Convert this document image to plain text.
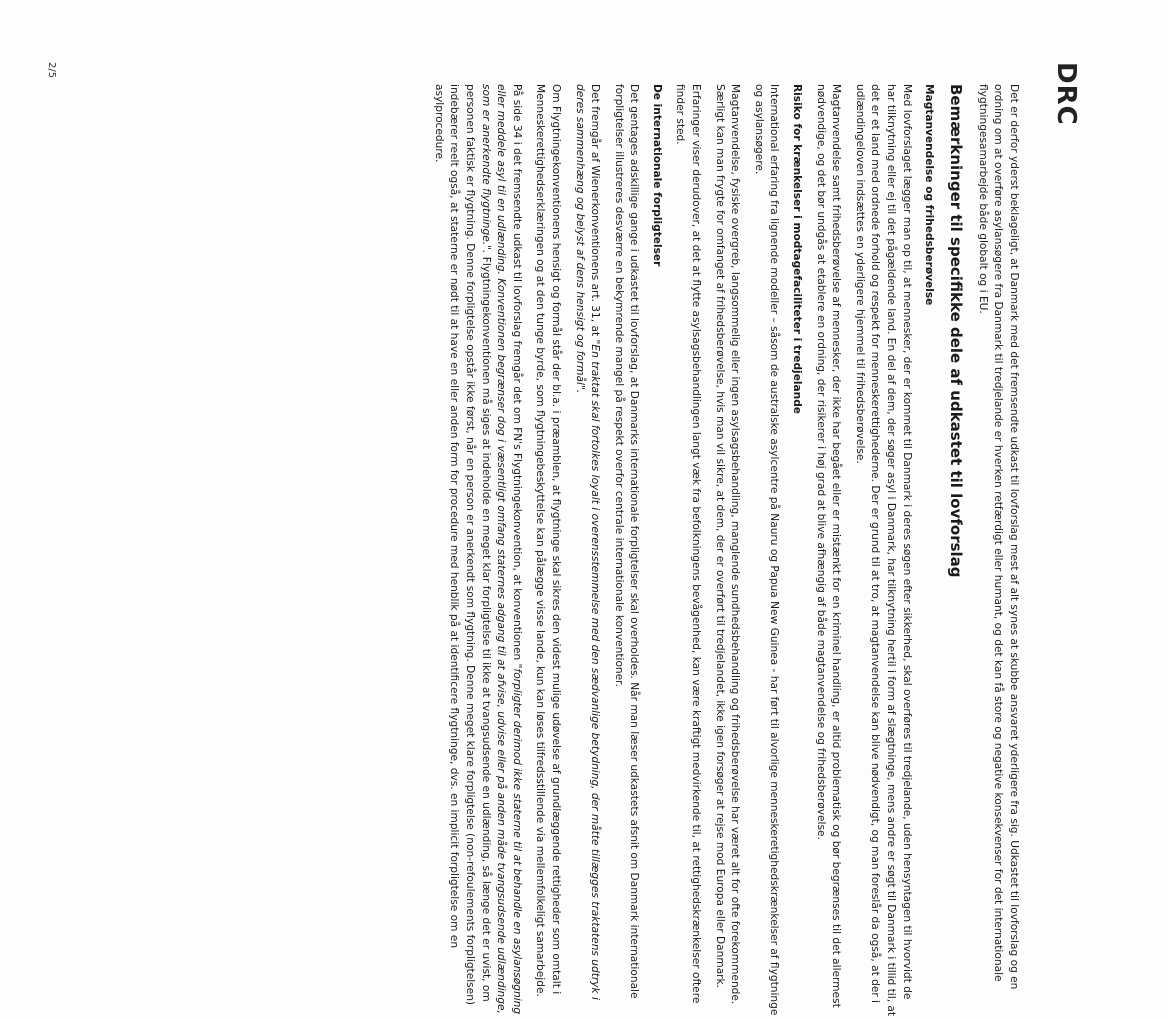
DRC

Det er derfor yderst beklageligt, at Danmark med det fremsendte udkast til lovforslag mest af alt synes at skubbe ansvaret yderligere fra sig. Udkastet til lovforslag og en ordning om at overføre asylansøgere fra Danmark til tredjelande er hverken retfærdigt eller humant, og det kan få store og negative konsekvenser for det internationale flygtningesamarbejde både globalt og i EU.

Bemærkninger til specifikke dele af udkastet til lovforslag
Magtanvendelse og frihedsberøvelse

Med lovforslaget lægger man op til, at mennesker, der er kommet til Danmark i deres søgen efter sikkerhed, skal overføres til tredjelande, uden hensyntagen til hvorvidt de har tilknytning eller ej til det pågældende land. En del af dem, der søger asyl i Danmark, har tilknytning hertil i form af slægtninge, mens andre er søgt til Danmark i tillid til, at det er et land med ordnede forhold og respekt for menneskerettighederne. Der er grund til at tro, at magtanvendelse kan blive nødvendigt, og man foreslår da også, at der i udlændingeloven indsættes en yderligere hjemmel til frihedsberøvelse.

Magtanvendelse samt frihedsberøvelse af mennesker, der ikke har begået eller er mistænkt for en kriminel handling, er altid problematisk og bør begrænses til det allermest nødvendige, og det bør undgås at etablere en ordning, der risikerer i høj grad at blive afhængig af både magtanvendelse og frihedsberøvelse.

Risiko for krænkelser i modtagefaciliteter i tredjelande

International erfaring fra lignende modeller – såsom de australske asylcentre på Nauru og Papua New Guinea - har ført til alvorlige menneskeretighedskrænkelser af flygtninge og asylansøgere.

Magtanvendelse, fysiske overgreb, langsommelig eller ingen asylsagsbehandling, manglende sundhedsbehandling og frihedsberøvelse har været alt for ofte forekommende. Særligt kan man frygte for omfanget af frihedsberøvelse, hvis man vil sikre, at dem, der er overført til tredjelandet, ikke igen forsøger at rejse mod Europa eller Danmark.

Erfaringer viser derudover, at det at flytte asylsagsbehandlingen langt væk fra befolkningens bevågenhed, kan være kraftigt medvirkende til, at rettighedskrænkelser oftere finder sted.

De internationale forpligtelser

Det gentages adskillige gange i udkastet til lovforslag, at Danmarks internationale forpligtelser skal overholdes. Når man læser udkastets afsnit om Danmark internationale forpligtelser illustreres desværre en bekymrende mangel på respekt overfor centrale internationale konventioner.

Det fremgår af Wienerkonventionens art. 31, at "En traktat skal fortolkes loyalt i overensstemmelse med den sædvanlige betydning, der måtte tillægges traktatens udtryk i deres sammenhæng og belyst af dens hensigt og formål".

Om Flygtningekonventionens hensigt og formål står der bl.a. i præamblen, at flygtninge skal sikres den videst mulige udøvelse af grundlæggende rettigheder som omtalt i Menneskerettighedserklæringen og at den tunge byrde, som flygtningebeskyttelse kan pålægge visse lande, kun kan løses tilfredsstillende via mellemfolkeligt samarbejde.

På side 34 i det fremsendte udkast til lovforslag fremgår det om FN's Flygtningekonvention, at konventionen "forpligter derimod ikke staterne til at behandle en asylansøgning eller meddele asyl til en udlænding. Konventionen begrænser dog i væsentligt omfang staternes adgang til at afvise, udvise eller på anden måde tvangsudsende udlændinge, som er anerkendte flygtninge.". Flygtningekonventionen må siges at indeholde en meget klar forpligtelse til ikke at tvangsudsende en udlænding, så længe det er uvist, om personen faktisk er flygtning. Denne forpligtelse opstår ikke først, når en person er anerkendt som flygtning. Denne meget klare forpligtelse (non-refoulements forpligtelsen) indebærer reelt også, at staterne er nødt til at have en eller anden form for procedure med henblik på at identificere flygtninge, dvs. en implicit forpligtelse om en asylprocedure.

2/5
